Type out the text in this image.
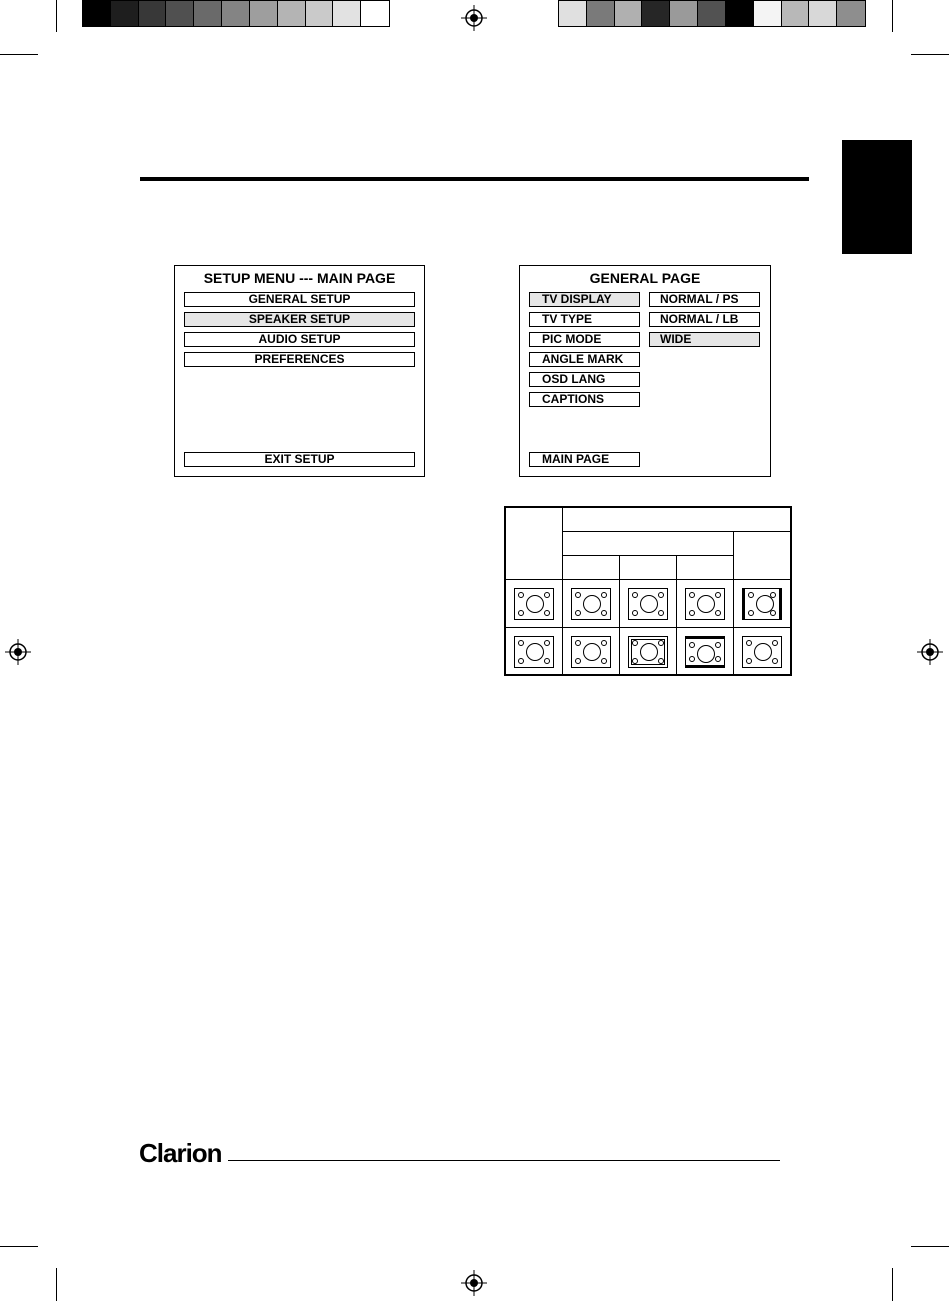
SETUP MENU --- MAIN PAGE
GENERAL SETUP
SPEAKER SETUP
AUDIO SETUP
PREFERENCES
EXIT SETUP
GENERAL PAGE
TV DISPLAY
TV TYPE
PIC MODE
ANGLE MARK
OSD LANG
CAPTIONS
NORMAL / PS
NORMAL / LB
WIDE
MAIN PAGE
Clarion
